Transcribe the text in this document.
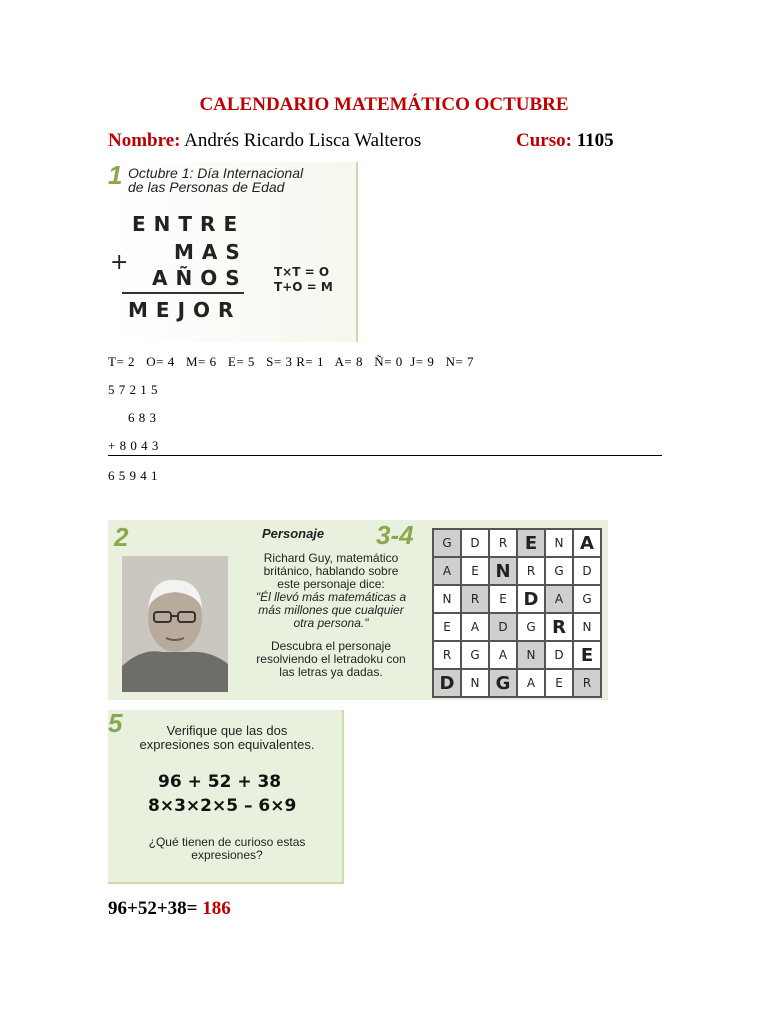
CALENDARIO MATEMÁTICO OCTUBRE
Nombre: Andrés Ricardo Lisca Walteros	Curso: 1105
1 Octubre 1: Día Internacional
de las Personas de Edad
ENTRE
MAS
+
AÑOS
MEJOR
T×T = O
T+O = M
T= 2   O= 4   M= 6   E= 5   S= 3 R= 1   A= 8   Ñ= 0  J= 9   N= 7
5 7 2 1 5
6 8 3
+ 8 0 4 3
6 5 9 4 1
2	Personaje 3-4
Richard Guy, matemático
británico, hablando sobre
este personaje dice:
"Él llevó más matemáticas a
más millones que cualquier
otra persona."
Descubra el personaje
resolviendo el letradoku con
las letras ya dadas.
G	D	R E	N A
A	E N	R	G	D
N	R	E D	A	G
E	A	D	G R	N
R	G	A	N	D E
D	N G	A	E	R
5	Verifique que las dos
expresiones son equivalentes.
96 + 52 + 38
8×3×2×5 – 6×9
¿Qué tienen de curioso estas
expresiones?
96+52+38= 186
